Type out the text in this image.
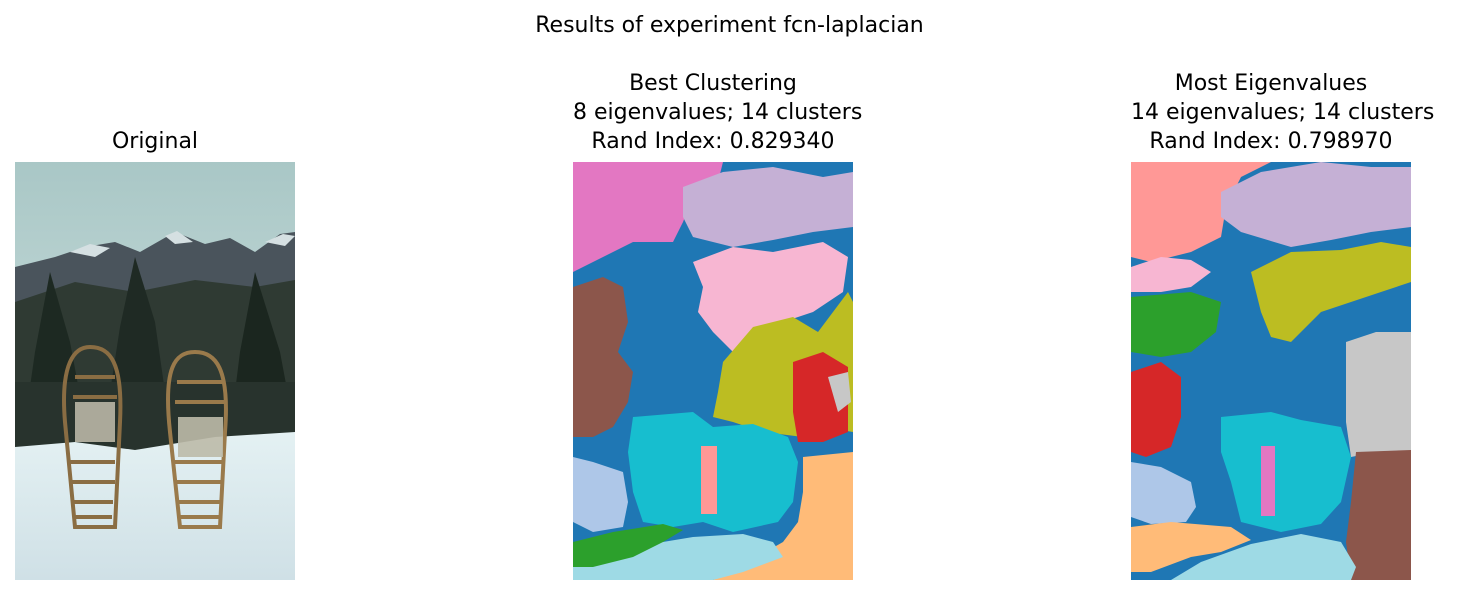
Results of experiment fcn-laplacian
Original
Best Clustering
8 eigenvalues; 14 clusters
Rand Index: 0.829340
Most Eigenvalues
14 eigenvalues; 14 clusters
Rand Index: 0.798970
